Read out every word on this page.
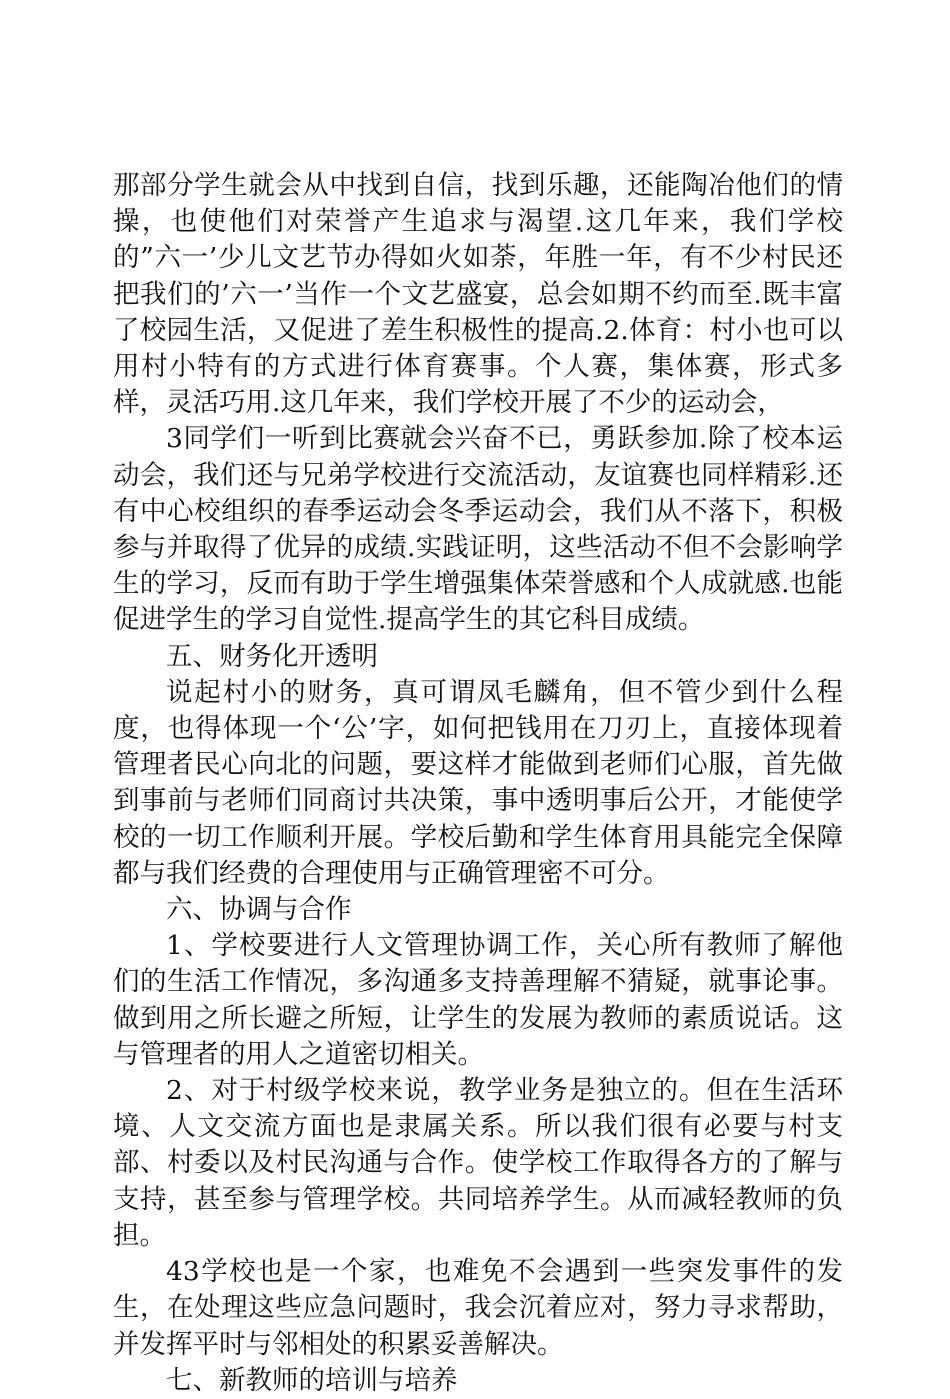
那部分学生就会从中找到自信，找到乐趣，还能陶冶他们的情操，也使他们对荣誉产生追求与渴望.这几年来，我们学校的”六一’少儿文艺节办得如火如荼，年胜一年，有不少村民还把我们的’六一’当作一个文艺盛宴，总会如期不约而至.既丰富了校园生活，又促进了差生积极性的提高.2.体育：村小也可以用村小特有的方式进行体育赛事。个人赛，集体赛，形式多样，灵活巧用.这几年来，我们学校开展了不少的运动会，

3同学们一听到比赛就会兴奋不已，勇跃参加.除了校本运动会，我们还与兄弟学校进行交流活动，友谊赛也同样精彩.还有中心校组织的春季运动会冬季运动会，我们从不落下，积极参与并取得了优异的成绩.实践证明，这些活动不但不会影响学生的学习，反而有助于学生增强集体荣誉感和个人成就感.也能促进学生的学习自觉性.提高学生的其它科目成绩。

五、财务化开透明

说起村小的财务，真可谓凤毛麟角，但不管少到什么程度，也得体现一个‘公’字，如何把钱用在刀刃上，直接体现着管理者民心向北的问题，要这样才能做到老师们心服，首先做到事前与老师们同商讨共决策，事中透明事后公开，才能使学校的一切工作顺利开展。学校后勤和学生体育用具能完全保障都与我们经费的合理使用与正确管理密不可分。

六、协调与合作

1、学校要进行人文管理协调工作，关心所有教师了解他们的生活工作情况，多沟通多支持善理解不猜疑，就事论事。做到用之所长避之所短，让学生的发展为教师的素质说话。这与管理者的用人之道密切相关。

2、对于村级学校来说，教学业务是独立的。但在生活环境、人文交流方面也是隶属关系。所以我们很有必要与村支部、村委以及村民沟通与合作。使学校工作取得各方的了解与支持，甚至参与管理学校。共同培养学生。从而减轻教师的负担。

43学校也是一个家，也难免不会遇到一些突发事件的发生，在处理这些应急问题时，我会沉着应对，努力寻求帮助，并发挥平时与邻相处的积累妥善解决。

七、新教师的培训与培养
